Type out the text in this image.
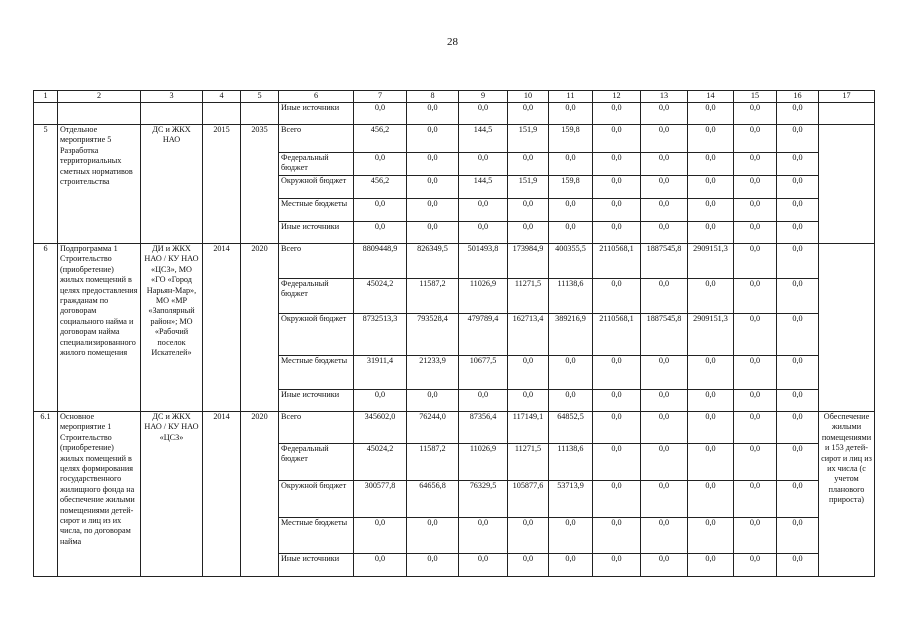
28
1	2	3	4	5	6	7	8	9	10	11	12	13	14	15	16	17
					Иные источники	0,0	0,0	0,0	0,0	0,0	0,0	0,0	0,0	0,0	0,0	
5	Отдельное мероприятие 5 Разработка территориальных сметных нормативов строительства	ДС и ЖКХ НАО	2015	2035	Всего	456,2	0,0	144,5	151,9	159,8	0,0	0,0	0,0	0,0	0,0	
					Федеральный бюджет	0,0	0,0	0,0	0,0	0,0	0,0	0,0	0,0	0,0	0,0	
					Окружной бюджет	456,2	0,0	144,5	151,9	159,8	0,0	0,0	0,0	0,0	0,0	
					Местные бюджеты	0,0	0,0	0,0	0,0	0,0	0,0	0,0	0,0	0,0	0,0	
					Иные источники	0,0	0,0	0,0	0,0	0,0	0,0	0,0	0,0	0,0	0,0	
6	Подпрограмма 1 Строительство (приобретение) жилых помещений в целях предоставления гражданам по договорам социального найма и договорам найма специализированного жилого помещения	ДИ и ЖКХ НАО / КУ НАО «ЦСЗ», МО «ГО «Город Нарьян-Мар», МО «МР «Заполярный район»; МО «Рабочий поселок Искателей»	2014	2020	Всего	8809448,9	826349,5	501493,8	173984,9	400355,5	2110568,1	1887545,8	2909151,3	0,0	0,0	
					Федеральный бюджет	45024,2	11587,2	11026,9	11271,5	11138,6	0,0	0,0	0,0	0,0	0,0	
					Окружной бюджет	8732513,3	793528,4	479789,4	162713,4	389216,9	2110568,1	1887545,8	2909151,3	0,0	0,0	
					Местные бюджеты	31911,4	21233,9	10677,5	0,0	0,0	0,0	0,0	0,0	0,0	0,0	
					Иные источники	0,0	0,0	0,0	0,0	0,0	0,0	0,0	0,0	0,0	0,0	
6.1	Основное мероприятие 1 Строительство (приобретение) жилых помещений в целях формирования государственного жилищного фонда на обеспечение жилыми помещениями детей-сирот и лиц из их числа, по договорам найма	ДС и ЖКХ НАО / КУ НАО «ЦСЗ»	2014	2020	Всего	345602,0	76244,0	87356,4	117149,1	64852,5	0,0	0,0	0,0	0,0	0,0	Обеспечение жилыми помещениями и 153 детей-сирот и лиц из их числа (с учетом планового прироста)
					Федеральный бюджет	45024,2	11587,2	11026,9	11271,5	11138,6	0,0	0,0	0,0	0,0	0,0	
					Окружной бюджет	300577,8	64656,8	76329,5	105877,6	53713,9	0,0	0,0	0,0	0,0	0,0	
					Местные бюджеты	0,0	0,0	0,0	0,0	0,0	0,0	0,0	0,0	0,0	0,0	
					Иные источники	0,0	0,0	0,0	0,0	0,0	0,0	0,0	0,0	0,0	0,0	
